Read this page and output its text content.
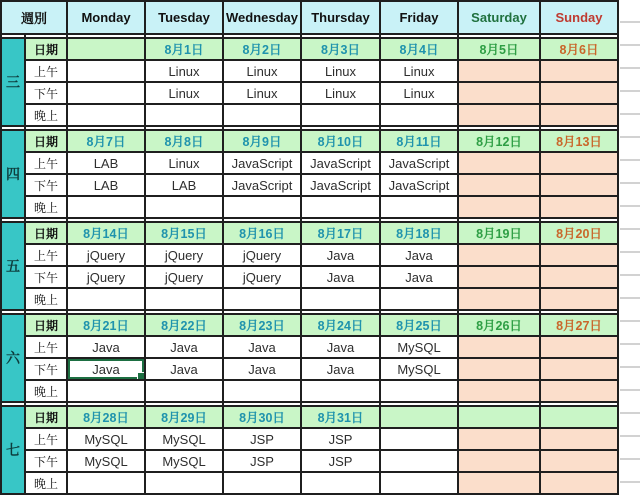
週別		Monday	Tuesday	Wednesday	Thursday	Friday	Saturday	Sunday

三	日期		8月1日	8月2日	8月3日	8月4日	8月5日	8月6日
	上午		Linux	Linux	Linux	Linux		
	下午		Linux	Linux	Linux	Linux		
	晚上							

四	日期	8月7日	8月8日	8月9日	8月10日	8月11日	8月12日	8月13日
	上午	LAB	Linux	JavaScript	JavaScript	JavaScript		
	下午	LAB	LAB	JavaScript	JavaScript	JavaScript		
	晚上							

五	日期	8月14日	8月15日	8月16日	8月17日	8月18日	8月19日	8月20日
	上午	jQuery	jQuery	jQuery	Java	Java		
	下午	jQuery	jQuery	jQuery	Java	Java		
	晚上							

六	日期	8月21日	8月22日	8月23日	8月24日	8月25日	8月26日	8月27日
	上午	Java	Java	Java	Java	MySQL		
	下午	Java	Java	Java	Java	MySQL		
	晚上							

七	日期	8月28日	8月29日	8月30日	8月31日			
	上午	MySQL	MySQL	JSP	JSP			
	下午	MySQL	MySQL	JSP	JSP			
	晚上							
